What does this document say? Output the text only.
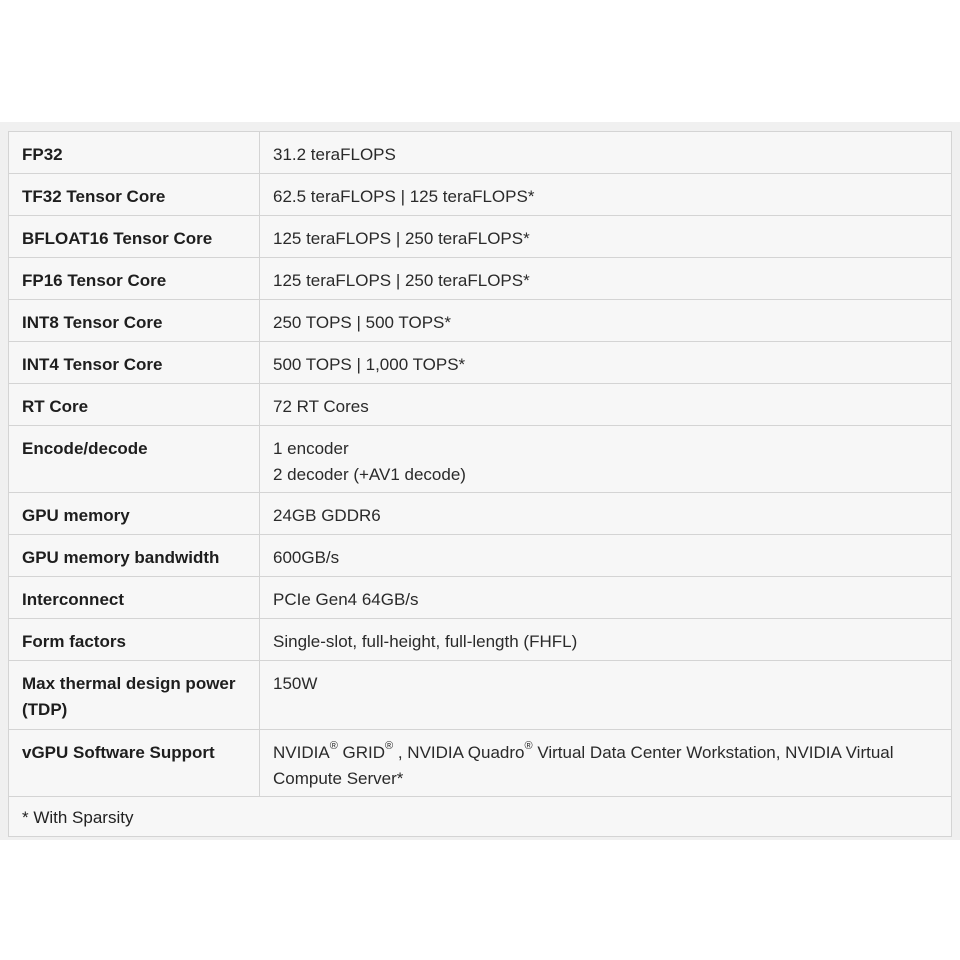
FP32	31.2 teraFLOPS
TF32 Tensor Core	62.5 teraFLOPS | 125 teraFLOPS*
BFLOAT16 Tensor Core	125 teraFLOPS | 250 teraFLOPS*
FP16 Tensor Core	125 teraFLOPS | 250 teraFLOPS*
INT8 Tensor Core	250 TOPS | 500 TOPS*
INT4 Tensor Core	500 TOPS | 1,000 TOPS*
RT Core	72 RT Cores
Encode/decode	1 encoder
2 decoder (+AV1 decode)

GPU memory	24GB GDDR6
GPU memory bandwidth	600GB/s
Interconnect	PCIe Gen4 64GB/s
Form factors	Single-slot, full-height, full-length (FHFL)
Max thermal design power (TDP)	150W
vGPU Software Support	NVIDIA® GRID® , NVIDIA Quadro® Virtual Data Center Workstation, NVIDIA Virtual Compute Server*
* With Sparsity	
